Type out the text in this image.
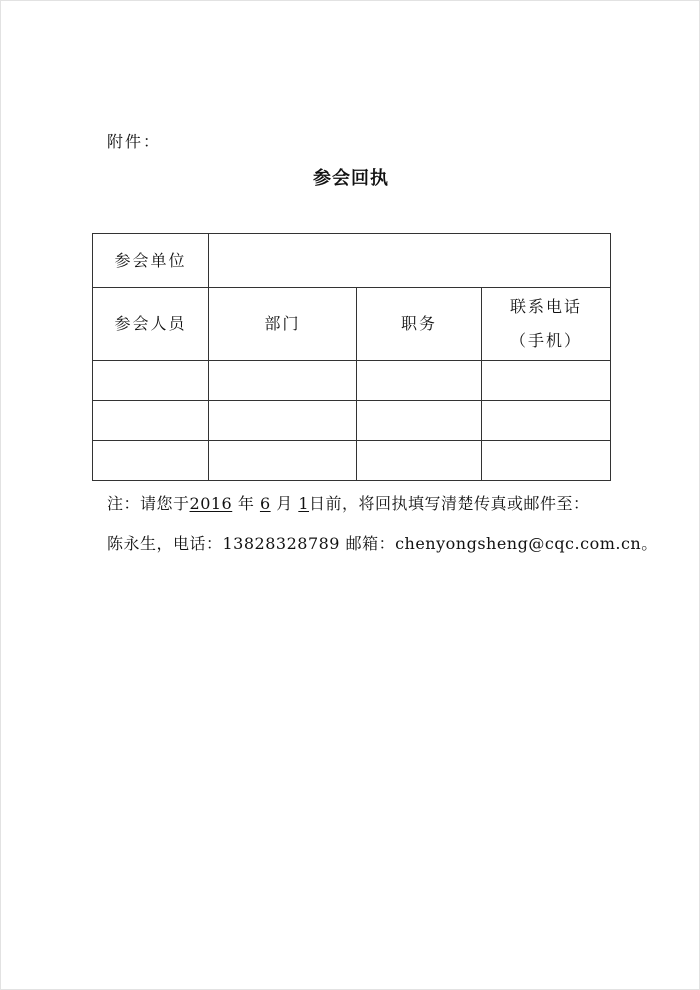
附件：
参会回执
参会单位			
参会人员	部门	职务	联系电话
（手机）

注：请您于2016 年 6 月 1日前，将回执填写清楚传真或邮件至：
陈永生，电话：13828328789 邮箱：chenyongsheng@cqc.com.cn。
